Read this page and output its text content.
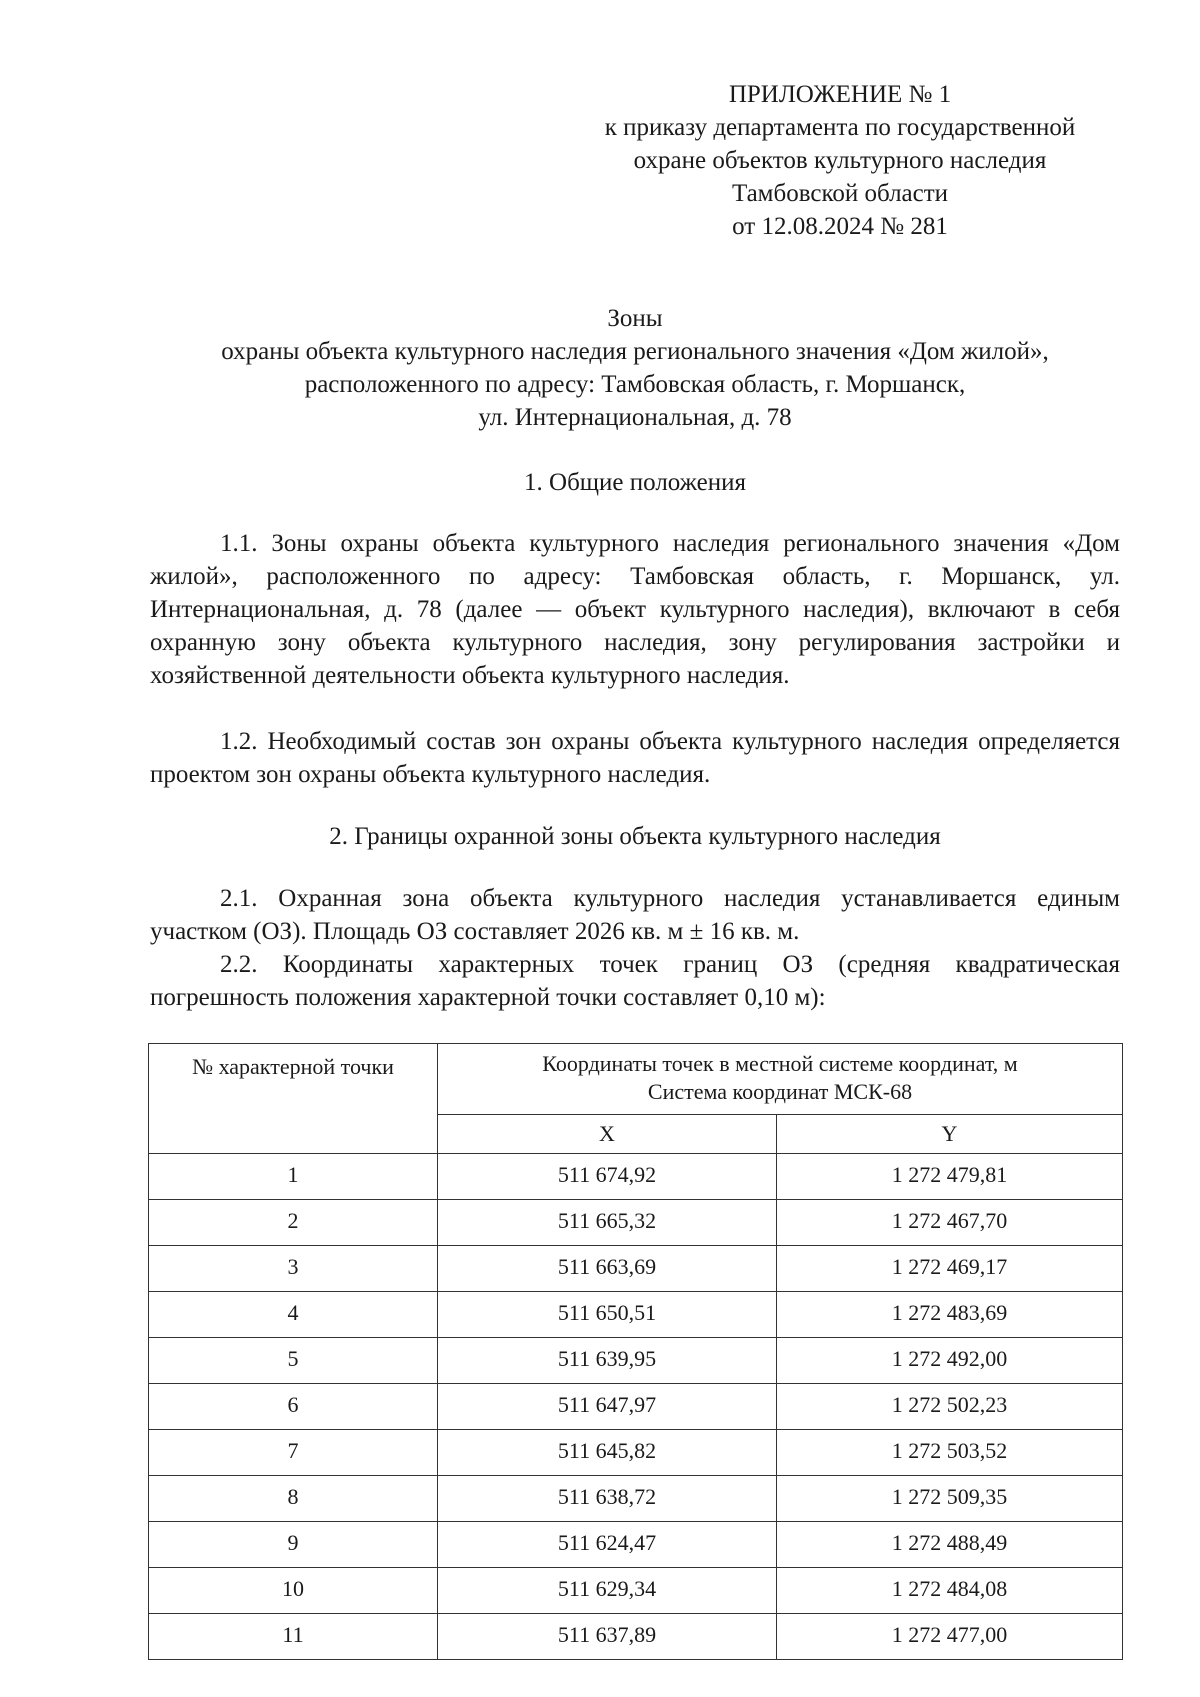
ПРИЛОЖЕНИЕ № 1
к приказу департамента по государственной
охране объектов культурного наследия
Тамбовской области
от 12.08.2024 № 281
Зоны
охраны объекта культурного наследия регионального значения «Дом жилой»,
расположенного по адресу: Тамбовская область, г. Моршанск,
ул. Интернациональная, д. 78
1. Общие положения
1.1. Зоны охраны объекта культурного наследия регионального значения «Дом жилой», расположенного по адресу: Тамбовская область, г. Моршанск, ул. Интернациональная, д. 78 (далее — объект культурного наследия), включают в себя охранную зону объекта культурного наследия, зону регулирования застройки и хозяйственной деятельности объекта культурного наследия.
1.2. Необходимый состав зон охраны объекта культурного наследия определяется проектом зон охраны объекта культурного наследия.
2. Границы охранной зоны объекта культурного наследия
2.1. Охранная зона объекта культурного наследия устанавливается единым участком (ОЗ). Площадь ОЗ составляет 2026 кв. м ± 16 кв. м.
2.2. Координаты характерных точек границ ОЗ (средняя квадратическая погрешность положения характерной точки составляет 0,10 м):
№ характерной точки	Координаты точек в местной системе координат, м
Система координат МСК-68	

	X	Y
1	511 674,92	1 272 479,81
2	511 665,32	1 272 467,70
3	511 663,69	1 272 469,17
4	511 650,51	1 272 483,69
5	511 639,95	1 272 492,00
6	511 647,97	1 272 502,23
7	511 645,82	1 272 503,52
8	511 638,72	1 272 509,35
9	511 624,47	1 272 488,49
10	511 629,34	1 272 484,08
11	511 637,89	1 272 477,00
